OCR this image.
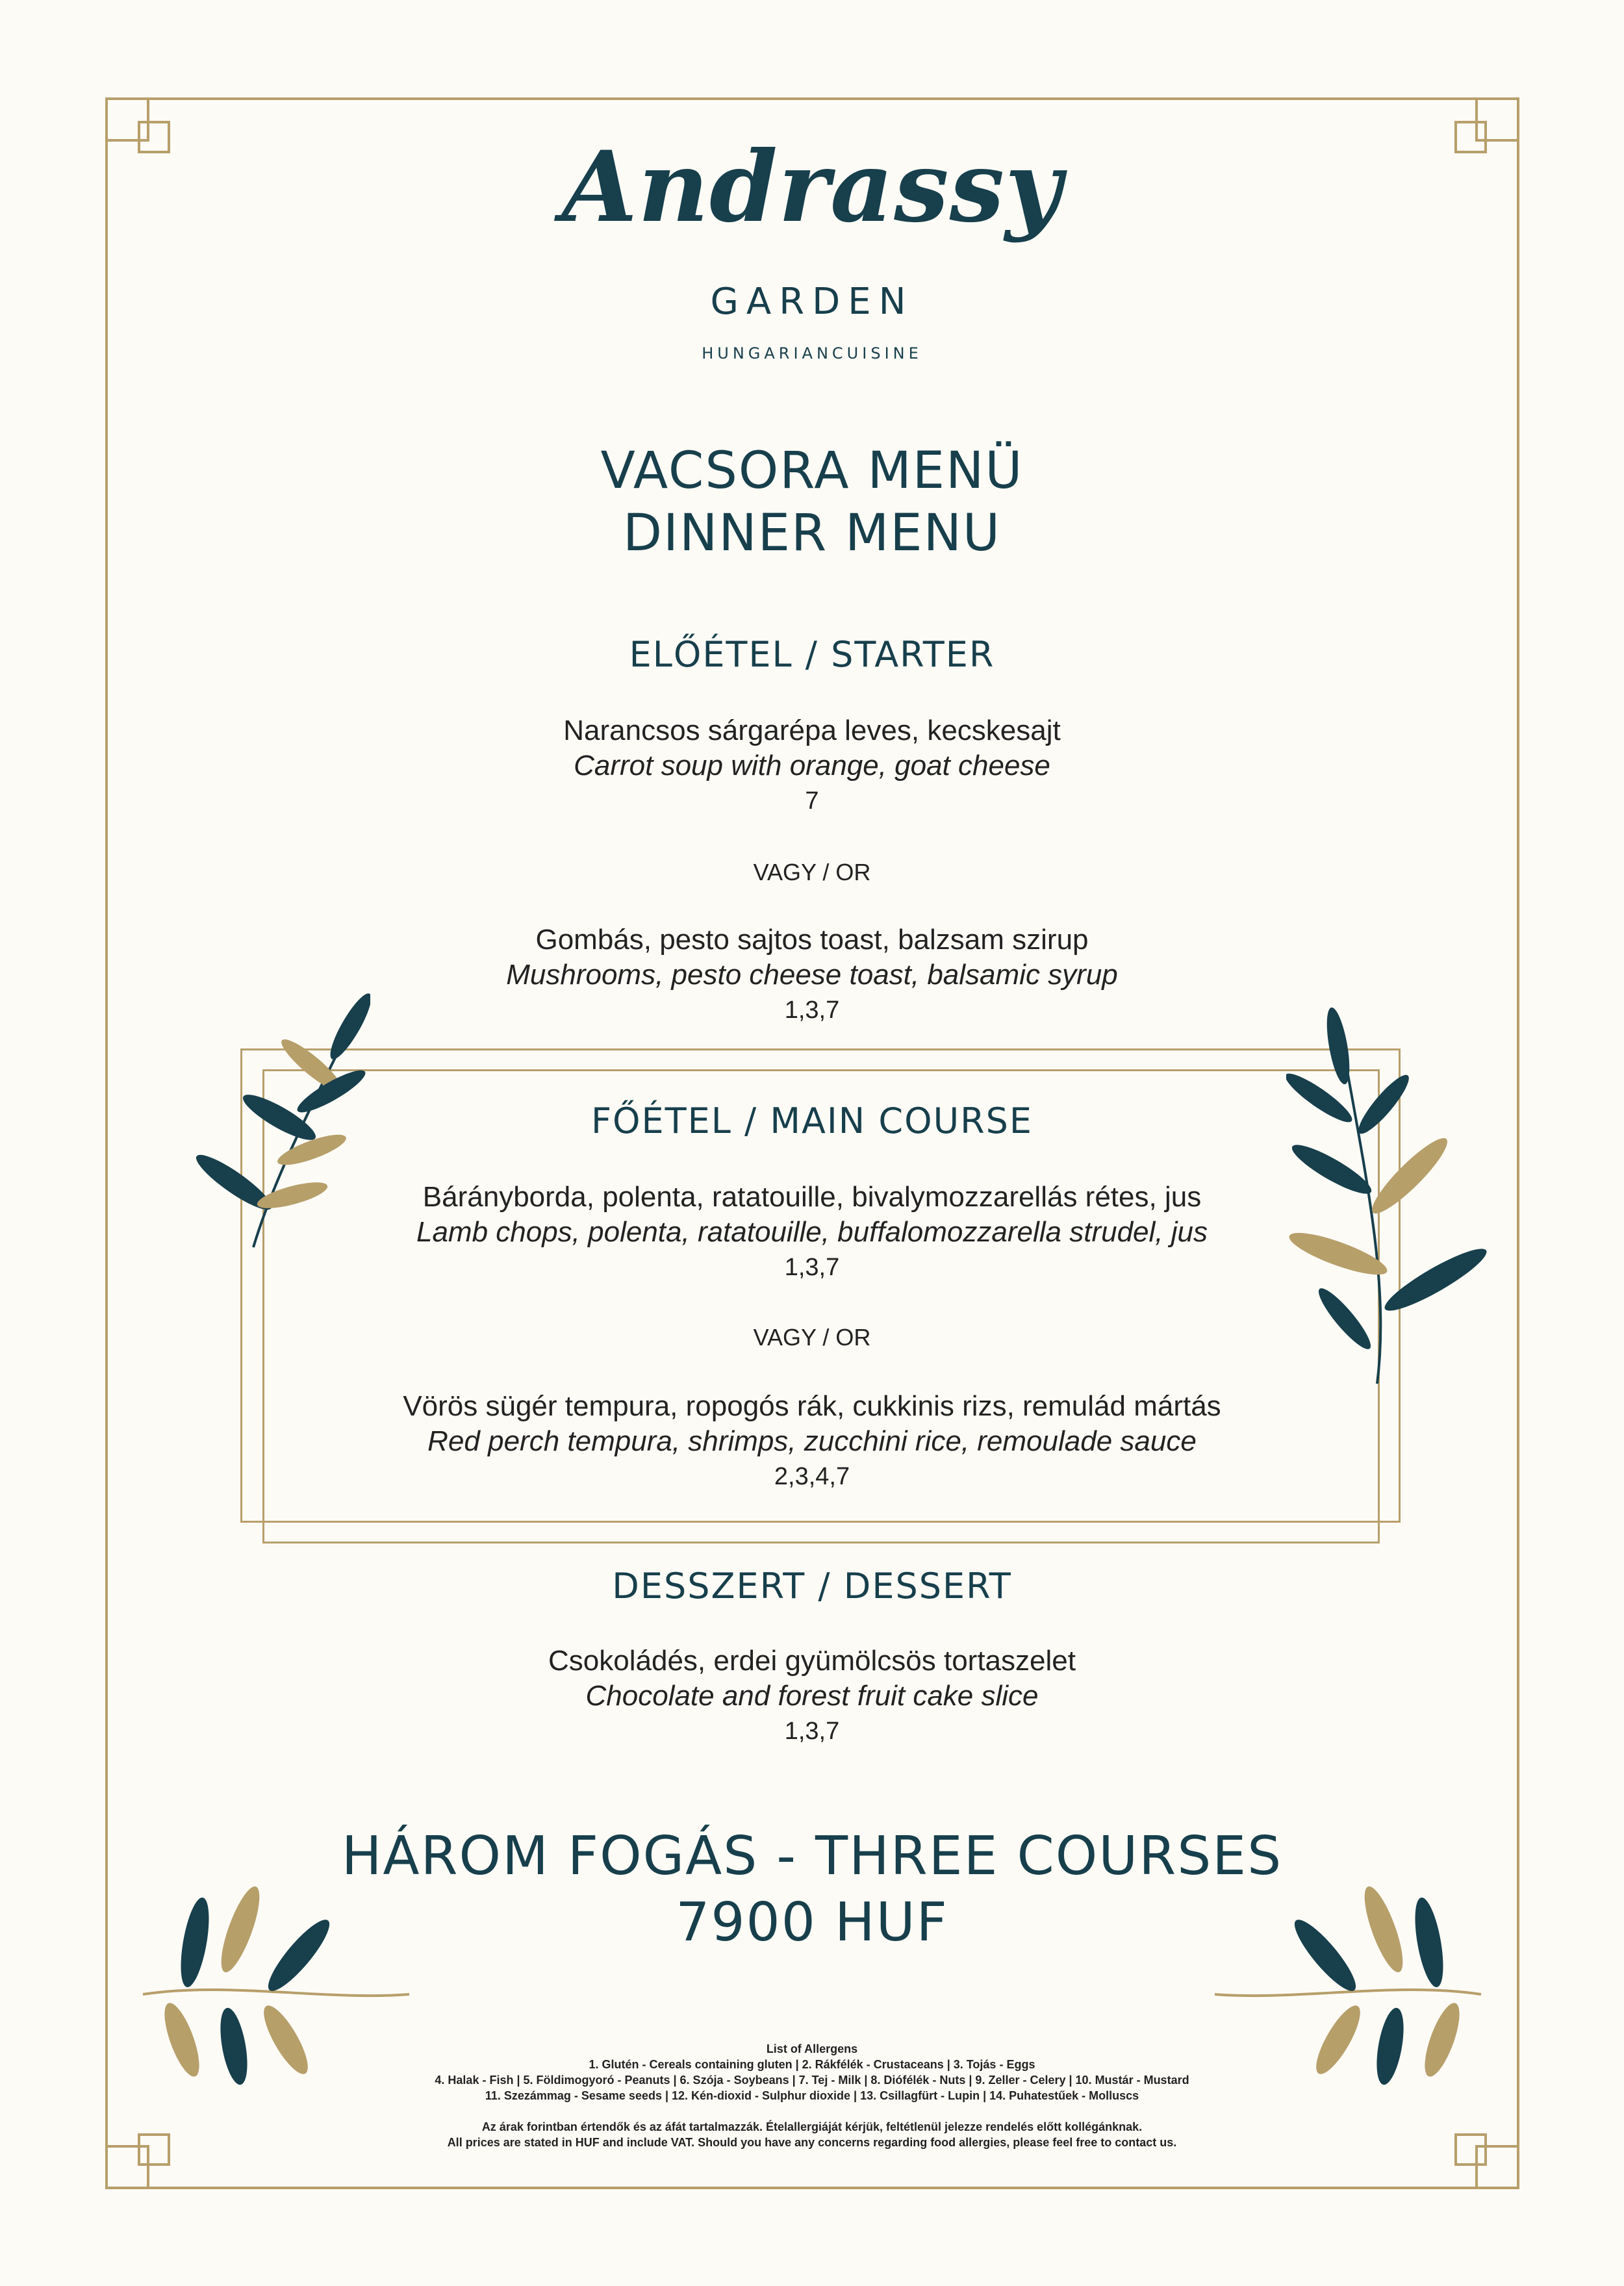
Andrassy
GARDEN
HUNGARIANCUISINE
VACSORA MENÜ
DINNER MENU
ELŐÉTEL / STARTER
Narancsos sárgarépa leves, kecskesajt
Carrot soup with orange, goat cheese
7
VAGY / OR
Gombás, pesto sajtos toast, balzsam szirup
Mushrooms, pesto cheese toast, balsamic syrup
1,3,7
FŐÉTEL / MAIN COURSE
Báránybordа, polenta, ratatouille, bivalymozzarellás rétes, jus
Lamb chops, polenta, ratatouille, buffalomozzarella strudel, jus
1,3,7
VAGY / OR
Vörös sügér tempura, ropogós rák, cukkinis rizs, remulád mártás
Red perch tempura, shrimps, zucchini rice, remoulade sauce
2,3,4,7
DESSZERT / DESSERT
Csokoládés, erdei gyümölcsös tortaszelet
Chocolate and forest fruit cake slice
1,3,7
HÁROM FOGÁS - THREE COURSES
7900 HUF
List of Allergens
1. Glutén - Cereals containing gluten | 2. Rákfélék - Crustaceans | 3. Tojás - Eggs
4. Halak - Fish | 5. Földimogyoró - Peanuts | 6. Szója - Soybeans | 7. Tej - Milk | 8. Diófélék - Nuts | 9. Zeller - Celery | 10. Mustár - Mustard
11. Szezámmag - Sesame seeds | 12. Kén-dioxid - Sulphur dioxide | 13. Csillagfürt - Lupin | 14. Puhatestűek - Molluscs
Az árak forintban értendők és az áfát tartalmazzák. Ételallergiáját kérjük, feltétlenül jelezze rendelés előtt kollégánknak.
All prices are stated in HUF and include VAT. Should you have any concerns regarding food allergies, please feel free to contact us.
